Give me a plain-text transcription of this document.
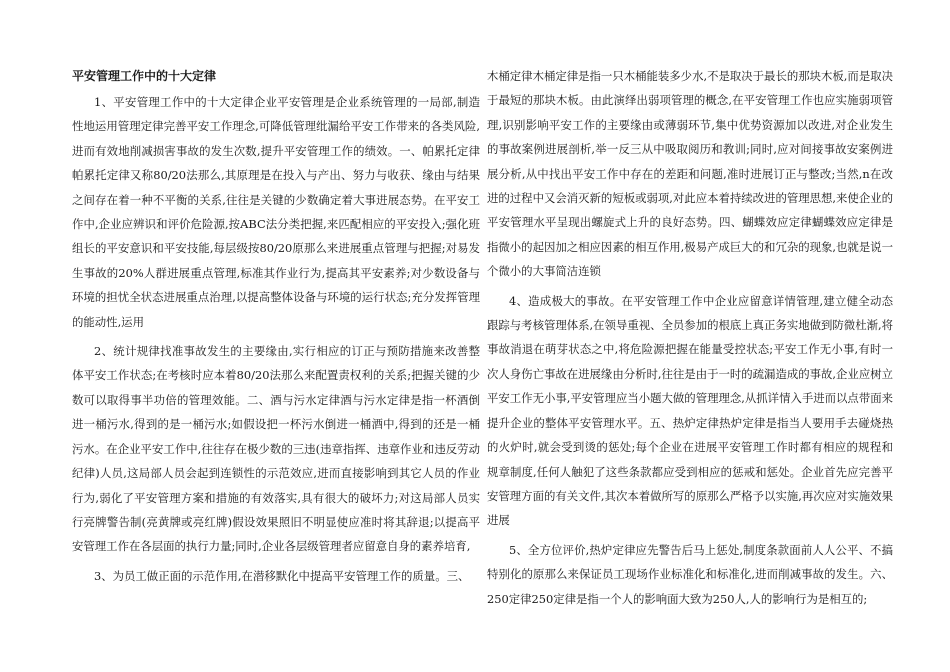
平安管理工作中的十大定律

1、平安管理工作中的十大定律企业平安管理是企业系统管理的一局部,制造性地运用管理定律完善平安工作理念,可降低管理纰漏给平安工作带来的各类风险,进而有效地削减损害事故的发生次数,提升平安管理工作的绩效。一、帕累托定律帕累托定律又称80/20法那么,其原理是在投入与产出、努力与收获、缘由与结果之间存在着一种不平衡的关系,往往是关键的少数确定着大事进展态势。在平安工作中,企业应辨识和评价危险源,按ABC法分类把握,来匹配相应的平安投入;强化班组长的平安意识和平安技能,每层级按80/20原那么来进展重点管理与把握;对易发生事故的20%人群进展重点管理,标准其作业行为,提高其平安素养;对少数设备与环境的担忧全状态进展重点治理,以提高整体设备与环境的运行状态;充分发挥管理的能动性,运用

2、统计规律找准事故发生的主要缘由,实行相应的订正与预防措施来改善整体平安工作状态;在考核时应本着80/20法那么来配置责权利的关系;把握关键的少数可以取得事半功倍的管理效能。二、酒与污水定律酒与污水定律是指一杯酒倒进一桶污水,得到的是一桶污水;如假设把一杯污水倒进一桶酒中,得到的还是一桶污水。在企业平安工作中,往往存在极少数的三违(违章指挥、违章作业和违反劳动纪律)人员,这局部人员会起到连锁性的示范效应,进而直接影响到其它人员的作业行为,弱化了平安管理方案和措施的有效落实,具有很大的破坏力;对这局部人员实行亮牌警告制(亮黄牌或亮红牌)假设效果照旧不明显使应准时将其辞退;以提高平安管理工作在各层面的执行力量;同时,企业各层级管理者应留意自身的素养培育,

3、为员工做正面的示范作用,在潜移默化中提高平安管理工作的质量。三、

木桶定律木桶定律是指一只木桶能装多少水,不是取决于最长的那块木板,而是取决于最短的那块木板。由此演绎出弱项管理的概念,在平安管理工作也应实施弱项管理,识别影响平安工作的主要缘由或薄弱环节,集中优势资源加以改进,对企业发生的事故案例进展剖析,举一反三从中吸取阅历和教训;同时,应对间接事故安案例进展分析,从中找出平安工作中存在的差距和问题,准时进展订正与整改;当然,n在改进的过程中又会消灭新的短板或弱项,对此应本着持续改进的管理思想,来使企业的平安管理水平呈现出螺旋式上升的良好态势。四、蝴蝶效应定律蝴蝶效应定律是指微小的起因加之相应因素的相互作用,极易产成巨大的和冗杂的现象,也就是说一个微小的大事简洁连锁

4、造成极大的事故。在平安管理工作中企业应留意详情管理,建立健全动态跟踪与考核管理体系,在领导重视、全员参加的根底上真正务实地做到防微杜渐,将事故消退在萌芽状态之中,将危险源把握在能量受控状态;平安工作无小事,有时一次人身伤亡事故在进展缘由分析时,往往是由于一时的疏漏造成的事故,企业应树立平安工作无小事,平安管理应当小题大做的管理理念,从抓详情入手进而以点带面来提升企业的整体平安管理水平。五、热炉定律热炉定律是指当人要用手去碰烧热的火炉时,就会受到烫的惩处;每个企业在进展平安管理工作时都有相应的规程和规章制度,任何人触犯了这些条款都应受到相应的惩戒和惩处。企业首先应完善平安管理方面的有关文件,其次本着做所写的原那么严格予以实施,再次应对实施效果进展

5、全方位评价,热炉定律应先警告后马上惩处,制度条款面前人人公平、不搞特别化的原那么来保证员工现场作业标准化和标准化,进而削减事故的发生。六、250定律250定律是指一个人的影响面大致为250人,人的影响行为是相互的;
